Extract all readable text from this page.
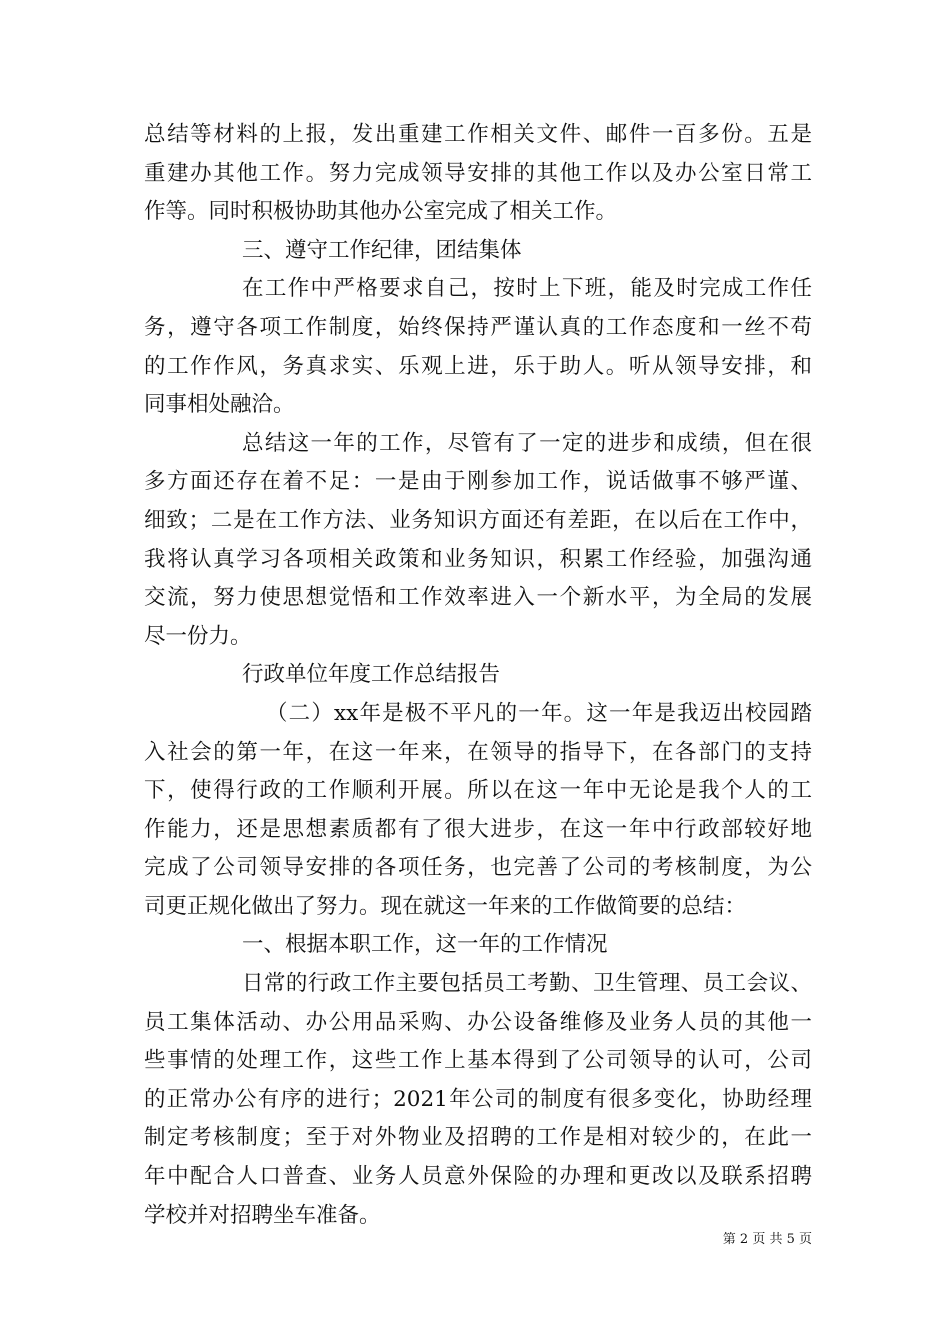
总结等材料的上报，发出重建工作相关文件、邮件一百多份。五是
重建办其他工作。努力完成领导安排的其他工作以及办公室日常工
作等。同时积极协助其他办公室完成了相关工作。
三、遵守工作纪律，团结集体
在工作中严格要求自己，按时上下班，能及时完成工作任
务，遵守各项工作制度，始终保持严谨认真的工作态度和一丝不苟
的工作作风，务真求实、乐观上进，乐于助人。听从领导安排，和
同事相处融洽。
总结这一年的工作，尽管有了一定的进步和成绩，但在很
多方面还存在着不足：一是由于刚参加工作，说话做事不够严谨、
细致；二是在工作方法、业务知识方面还有差距，在以后在工作中，
我将认真学习各项相关政策和业务知识，积累工作经验，加强沟通
交流，努力使思想觉悟和工作效率进入一个新水平，为全局的发展
尽一份力。
行政单位年度工作总结报告
（二）xx年是极不平凡的一年。这一年是我迈出校园踏
入社会的第一年，在这一年来，在领导的指导下，在各部门的支持
下，使得行政的工作顺利开展。所以在这一年中无论是我个人的工
作能力，还是思想素质都有了很大进步，在这一年中行政部较好地
完成了公司领导安排的各项任务，也完善了公司的考核制度，为公
司更正规化做出了努力。现在就这一年来的工作做简要的总结：
一、根据本职工作，这一年的工作情况
日常的行政工作主要包括员工考勤、卫生管理、员工会议、
员工集体活动、办公用品采购、办公设备维修及业务人员的其他一
些事情的处理工作，这些工作上基本得到了公司领导的认可，公司
的正常办公有序的进行；2021年公司的制度有很多变化，协助经理
制定考核制度；至于对外物业及招聘的工作是相对较少的，在此一
年中配合人口普查、业务人员意外保险的办理和更改以及联系招聘
学校并对招聘坐车准备。
第 2 页 共 5 页
